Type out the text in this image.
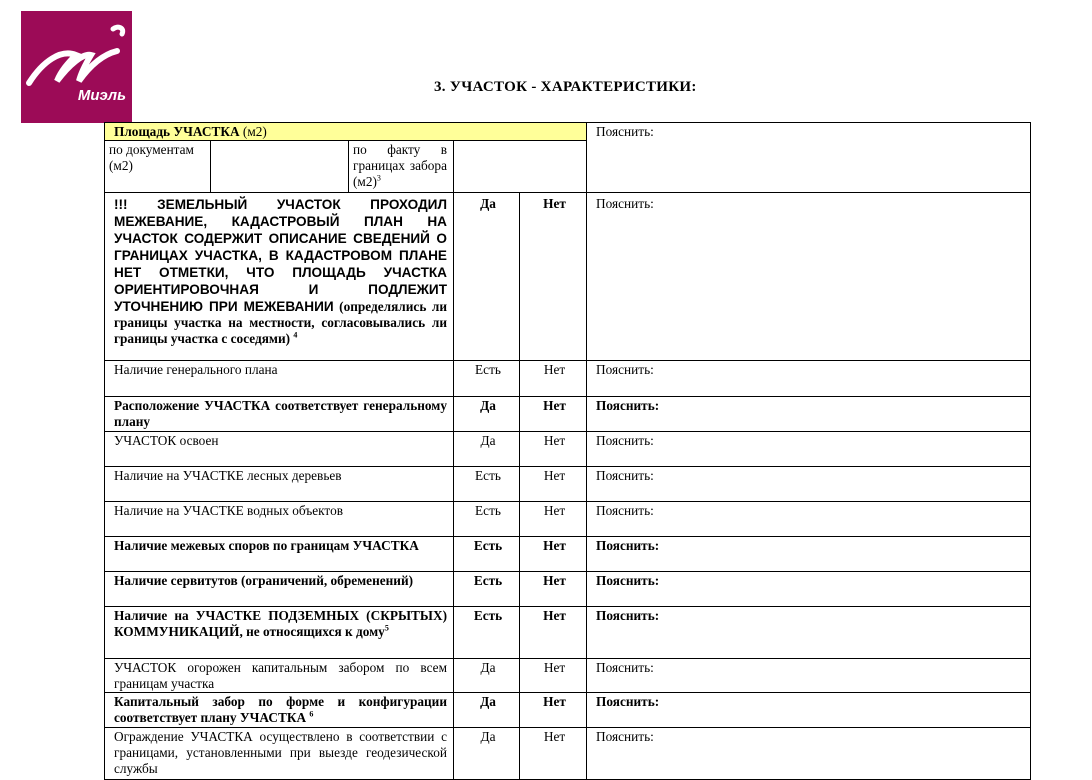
Миэль	3. УЧАСТОК - ХАРАКТЕРИСТИКИ:
Площадь УЧАСТКА (м2)					Пояснить:
по документам (м2)		по факту в границах забора $(м2)^3$	
!!! ЗЕМЕЛЬНЫЙ УЧАСТОК ПРОХОДИЛ МЕЖЕВАНИЕ, КАДАСТРОВЫЙ ПЛАН НА УЧАСТОК СОДЕРЖИТ ОПИСАНИЕ СВЕДЕНИЙ О ГРАНИЦАХ УЧАСТКА, В КАДАСТРОВОМ ПЛАНЕ НЕТ ОТМЕТКИ, ЧТО ПЛОЩАДЬ УЧАСТКА ОРИЕНТИРОВОЧНАЯ И ПОДЛЕЖИТ УТОЧНЕНИЮ ПРИ МЕЖЕВАНИИ (определялись ли границы участка на местности, согласовывались ли границы участка с соседями) $^4$			Да	Нет	Пояснить:
Наличие генерального плана			Есть	Нет	Пояснить:
Расположение УЧАСТКА соответствует генеральному плану			Да	Нет	Пояснить:
УЧАСТОК освоен			Да	Нет	Пояснить:
Наличие на УЧАСТКЕ лесных деревьев			Есть	Нет	Пояснить:
Наличие на УЧАСТКЕ водных объектов			Есть	Нет	Пояснить:
Наличие межевых споров по границам УЧАСТКА			Есть	Нет	Пояснить:
Наличие сервитутов (ограничений, обременений)			Есть	Нет	Пояснить:
Наличие на УЧАСТКЕ ПОДЗЕМНЫХ (СКРЫТЫХ) КОММУНИКАЦИЙ, не относящихся к дому$^5$			Есть	Нет	Пояснить:
УЧАСТОК огорожен капитальным забором по всем границам участка			Да	Нет	Пояснить:
Капитальный забор по форме и конфигурации соответствует плану УЧАСТКА $^6$			Да	Нет	Пояснить:
Ограждение УЧАСТКА осуществлено в соответствии с границами, установленными при выезде геодезической службы			Да	Нет	Пояснить:
